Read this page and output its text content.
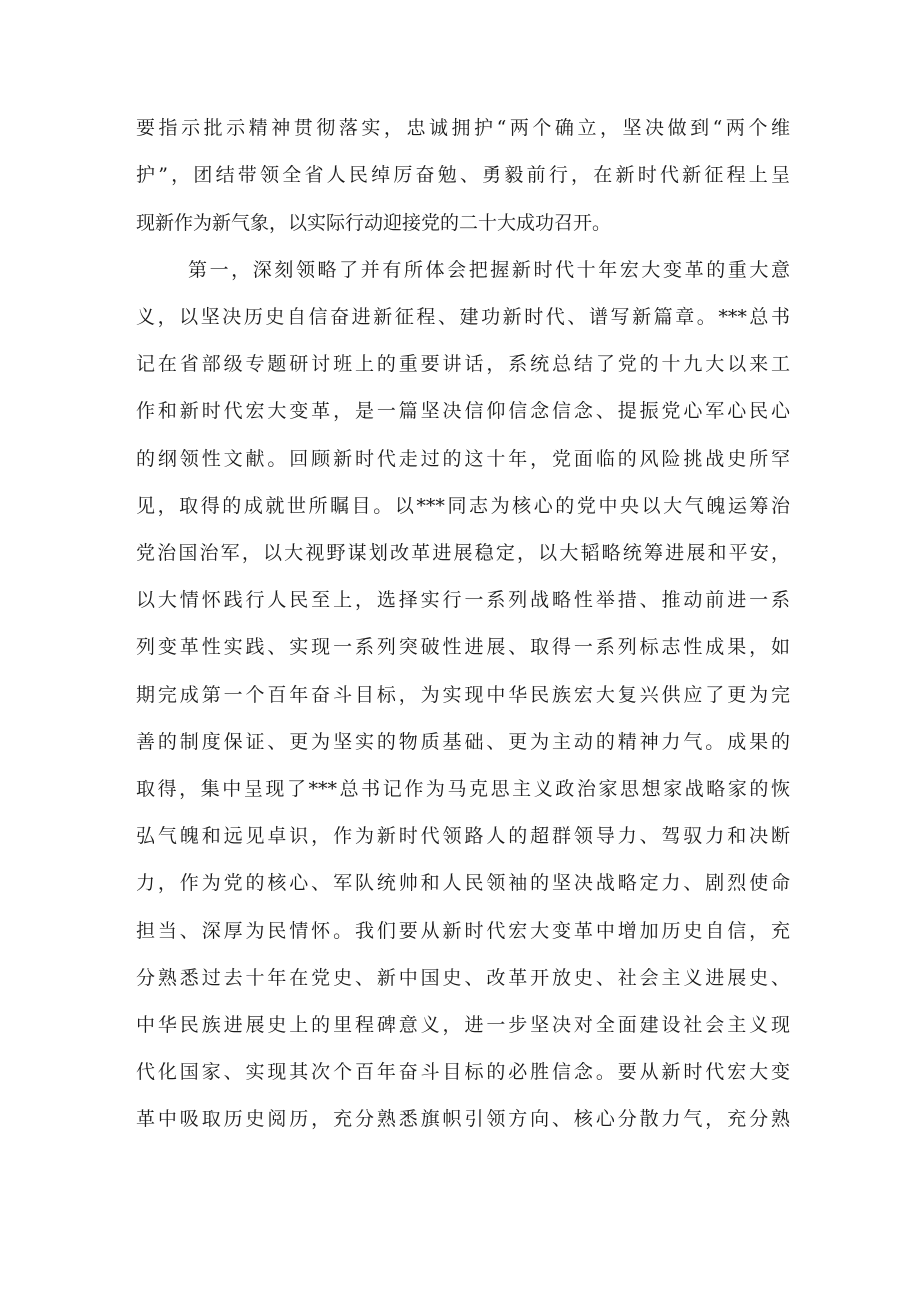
要指示批示精神贯彻落实，忠诚拥护“两个确立，坚决做到“两个维
护”，团结带领全省人民绰厉奋勉、勇毅前行，在新时代新征程上呈
现新作为新气象，以实际行动迎接党的二十大成功召开。
第一，深刻领略了并有所体会把握新时代十年宏大变革的重大意
义，以坚决历史自信奋进新征程、建功新时代、谱写新篇章。***总书
记在省部级专题研讨班上的重要讲话，系统总结了党的十九大以来工
作和新时代宏大变革，是一篇坚决信仰信念信念、提振党心军心民心
的纲领性文献。回顾新时代走过的这十年，党面临的风险挑战史所罕
见，取得的成就世所瞩目。以***同志为核心的党中央以大气魄运筹治
党治国治军，以大视野谋划改革进展稳定，以大韬略统筹进展和平安，
以大情怀践行人民至上，选择实行一系列战略性举措、推动前进一系
列变革性实践、实现一系列突破性进展、取得一系列标志性成果，如
期完成第一个百年奋斗目标，为实现中华民族宏大复兴供应了更为完
善的制度保证、更为坚实的物质基础、更为主动的精神力气。成果的
取得，集中呈现了***总书记作为马克思主义政治家思想家战略家的恢
弘气魄和远见卓识，作为新时代领路人的超群领导力、驾驭力和决断
力，作为党的核心、军队统帅和人民领袖的坚决战略定力、剧烈使命
担当、深厚为民情怀。我们要从新时代宏大变革中增加历史自信，充
分熟悉过去十年在党史、新中国史、改革开放史、社会主义进展史、
中华民族进展史上的里程碑意义，进一步坚决对全面建设社会主义现
代化国家、实现其次个百年奋斗目标的必胜信念。要从新时代宏大变
革中吸取历史阅历，充分熟悉旗帜引领方向、核心分散力气，充分熟
